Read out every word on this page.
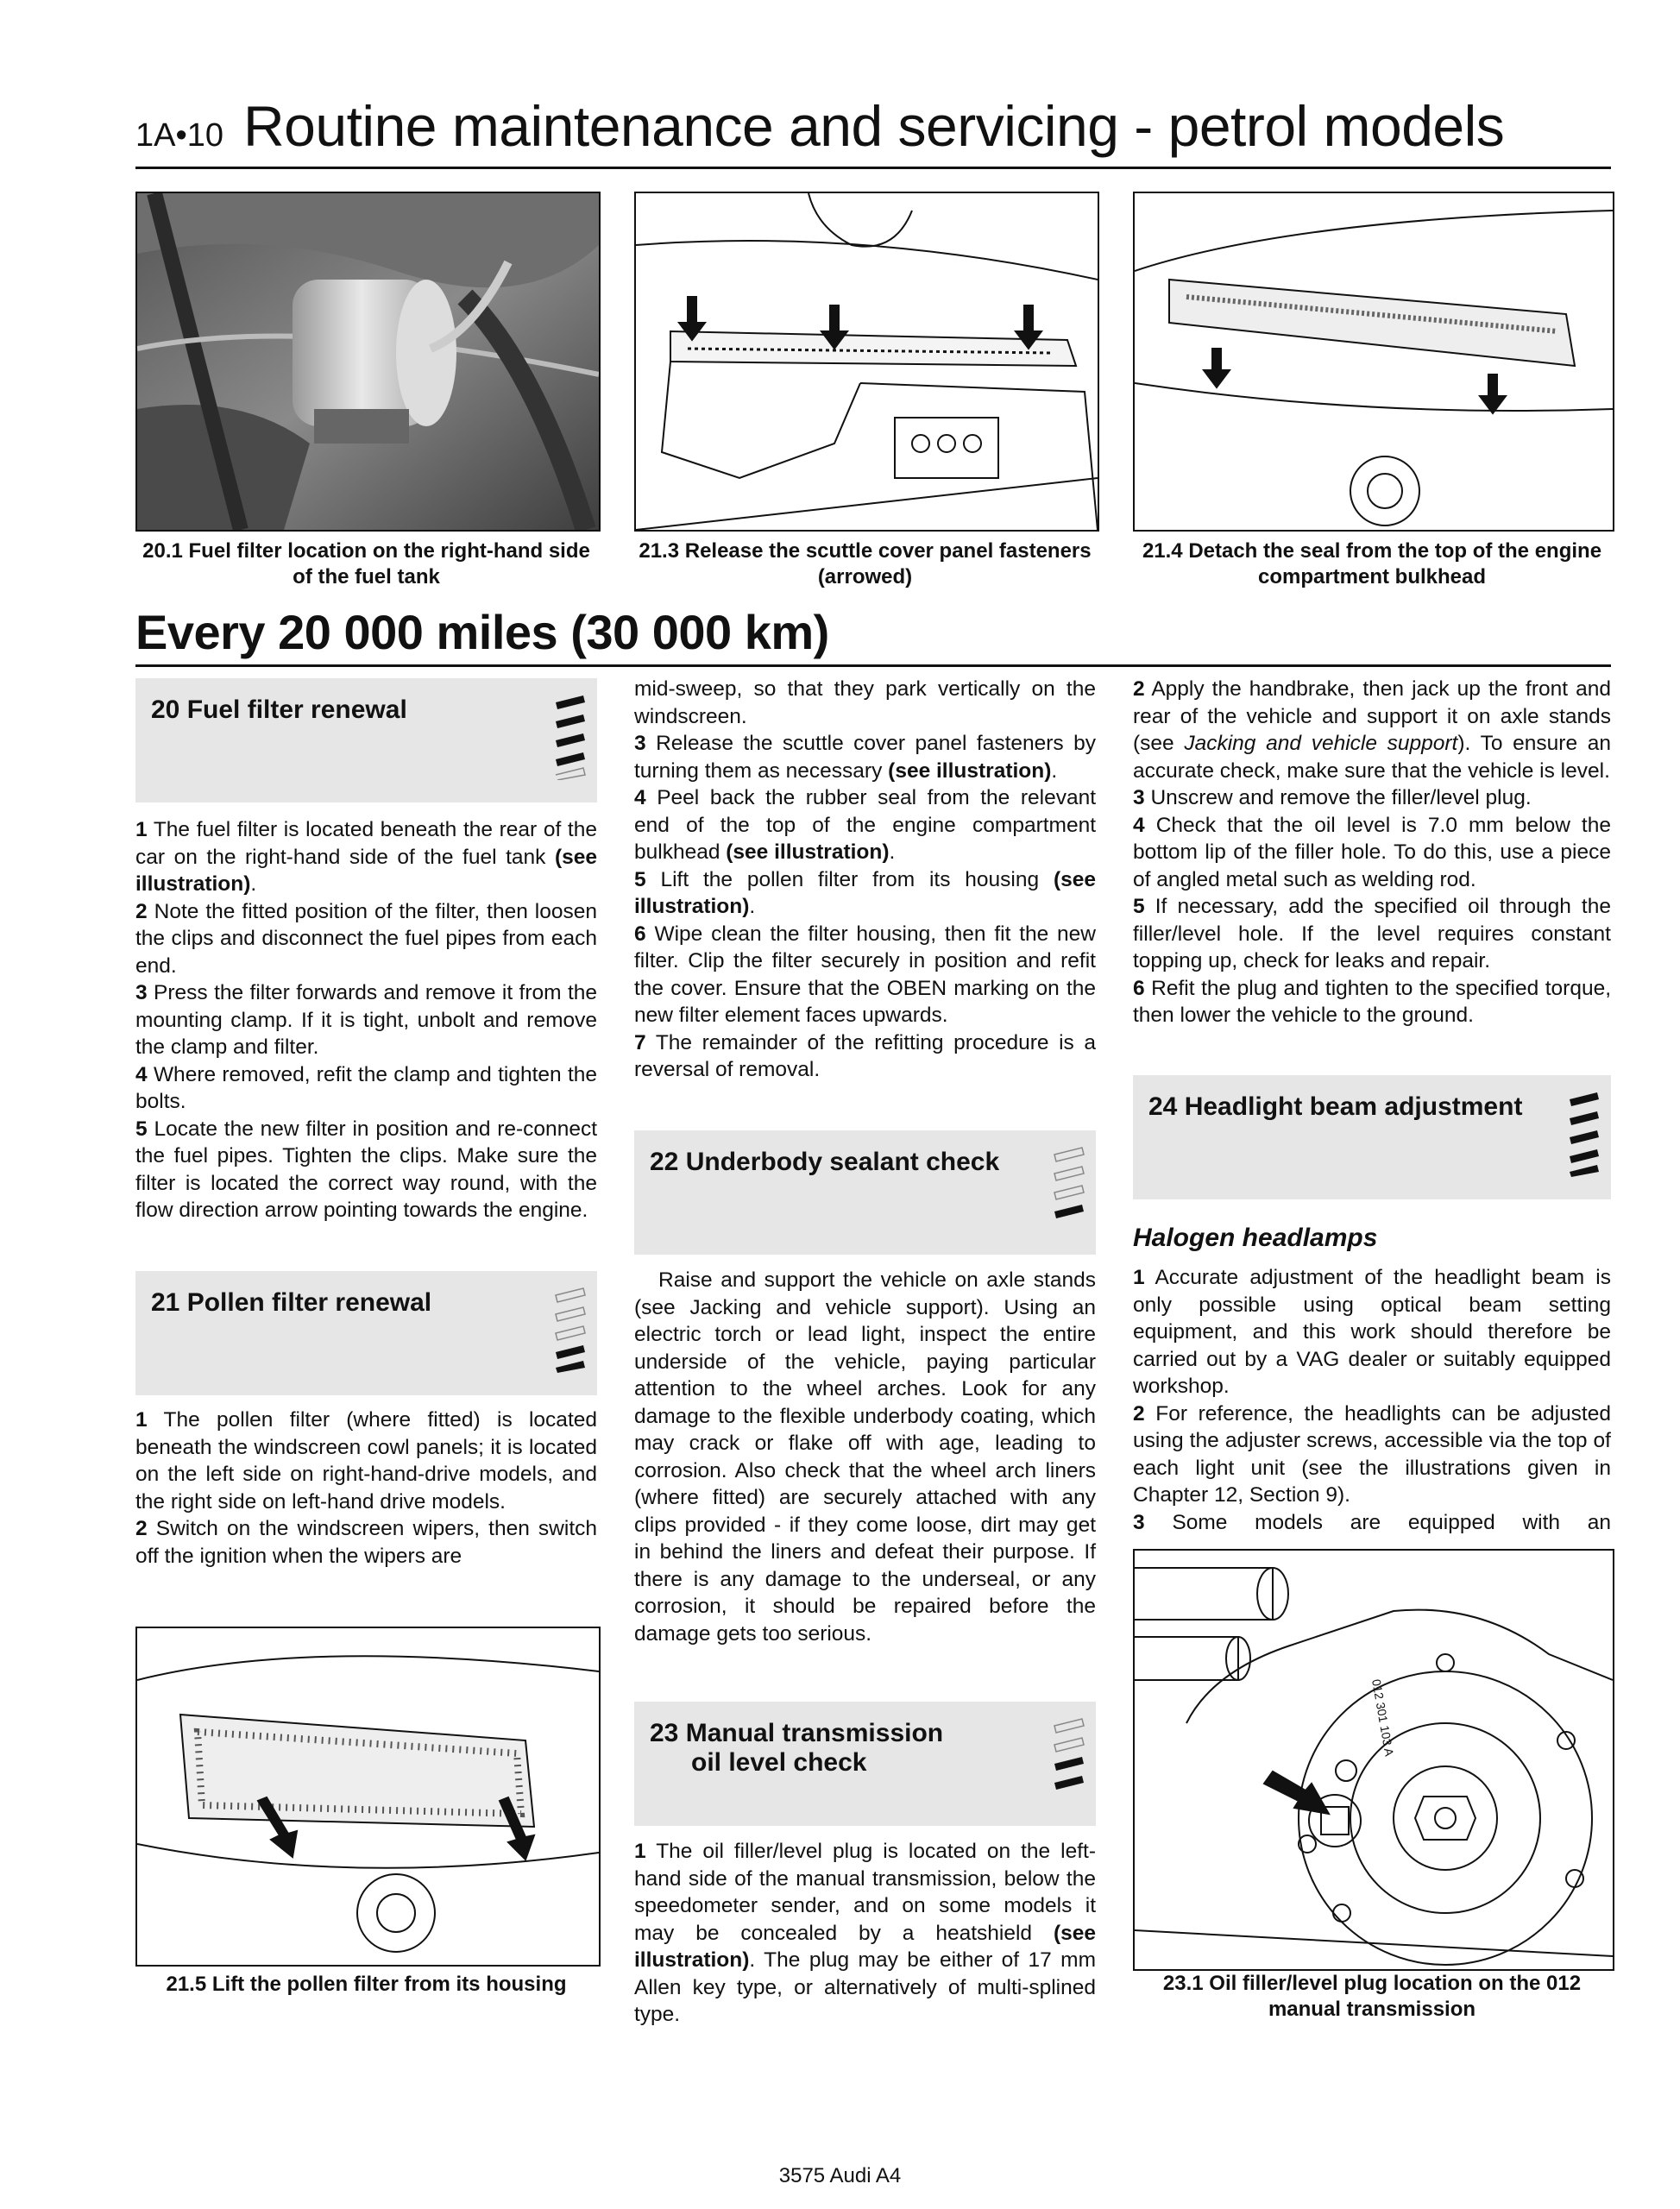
1A•10 Routine maintenance and servicing - petrol models
20.1 Fuel filter location on the right-hand side of the fuel tank
21.3 Release the scuttle cover panel fasteners (arrowed)
21.4 Detach the seal from the top of the engine compartment bulkhead
Every 20 000 miles (30 000 km)
20 Fuel filter renewal

1 The fuel filter is located beneath the rear of the car on the right-hand side of the fuel tank (see illustration).

2 Note the fitted position of the filter, then loosen the clips and disconnect the fuel pipes from each end.

3 Press the filter forwards and remove it from the mounting clamp. If it is tight, unbolt and remove the clamp and filter.

4 Where removed, refit the clamp and tighten the bolts.

5 Locate the new filter in position and re-connect the fuel pipes. Tighten the clips. Make sure the filter is located the correct way round, with the flow direction arrow pointing towards the engine.

21 Pollen filter renewal

1 The pollen filter (where fitted) is located beneath the windscreen cowl panels; it is located on the left side on right-hand-drive models, and the right side on left-hand drive models.

2 Switch on the windscreen wipers, then switch off the ignition when the wipers are

21.5 Lift the pollen filter from its housing

mid-sweep, so that they park vertically on the windscreen.

3 Release the scuttle cover panel fasteners by turning them as necessary (see illustration).

4 Peel back the rubber seal from the relevant end of the top of the engine compartment bulkhead (see illustration).

5 Lift the pollen filter from its housing (see illustration).

6 Wipe clean the filter housing, then fit the new filter. Clip the filter securely in position and refit the cover. Ensure that the OBEN marking on the new filter element faces upwards.

7 The remainder of the refitting procedure is a reversal of removal.

22 Underbody sealant check

Raise and support the vehicle on axle stands (see Jacking and vehicle support). Using an electric torch or lead light, inspect the entire underside of the vehicle, paying particular attention to the wheel arches. Look for any damage to the flexible underbody coating, which may crack or flake off with age, leading to corrosion. Also check that the wheel arch liners (where fitted) are securely attached with any clips provided - if they come loose, dirt may get in behind the liners and defeat their purpose. If there is any damage to the underseal, or any corrosion, it should be repaired before the damage gets too serious.

23 Manual transmission
oil level check

1 The oil filler/level plug is located on the left-hand side of the manual transmission, below the speedometer sender, and on some models it may be concealed by a heatshield (see illustration). The plug may be either of 17 mm Allen key type, or alternatively of multi-splined type.

2 Apply the handbrake, then jack up the front and rear of the vehicle and support it on axle stands (see Jacking and vehicle support). To ensure an accurate check, make sure that the vehicle is level.

3 Unscrew and remove the filler/level plug.

4 Check that the oil level is 7.0 mm below the bottom lip of the filler hole. To do this, use a piece of angled metal such as welding rod.

5 If necessary, add the specified oil through the filler/level hole. If the level requires constant topping up, check for leaks and repair.

6 Refit the plug and tighten to the specified torque, then lower the vehicle to the ground.

24 Headlight beam adjustment
Halogen headlamps

1 Accurate adjustment of the headlight beam is only possible using optical beam setting equipment, and this work should therefore be carried out by a VAG dealer or suitably equipped workshop.

2 For reference, the headlights can be adjusted using the adjuster screws, accessible via the top of each light unit (see the illustrations given in Chapter 12, Section 9).

3 Some models are equipped with an

012 301 103 A
23.1 Oil filler/level plug location on the 012 manual transmission
3575 Audi A4
